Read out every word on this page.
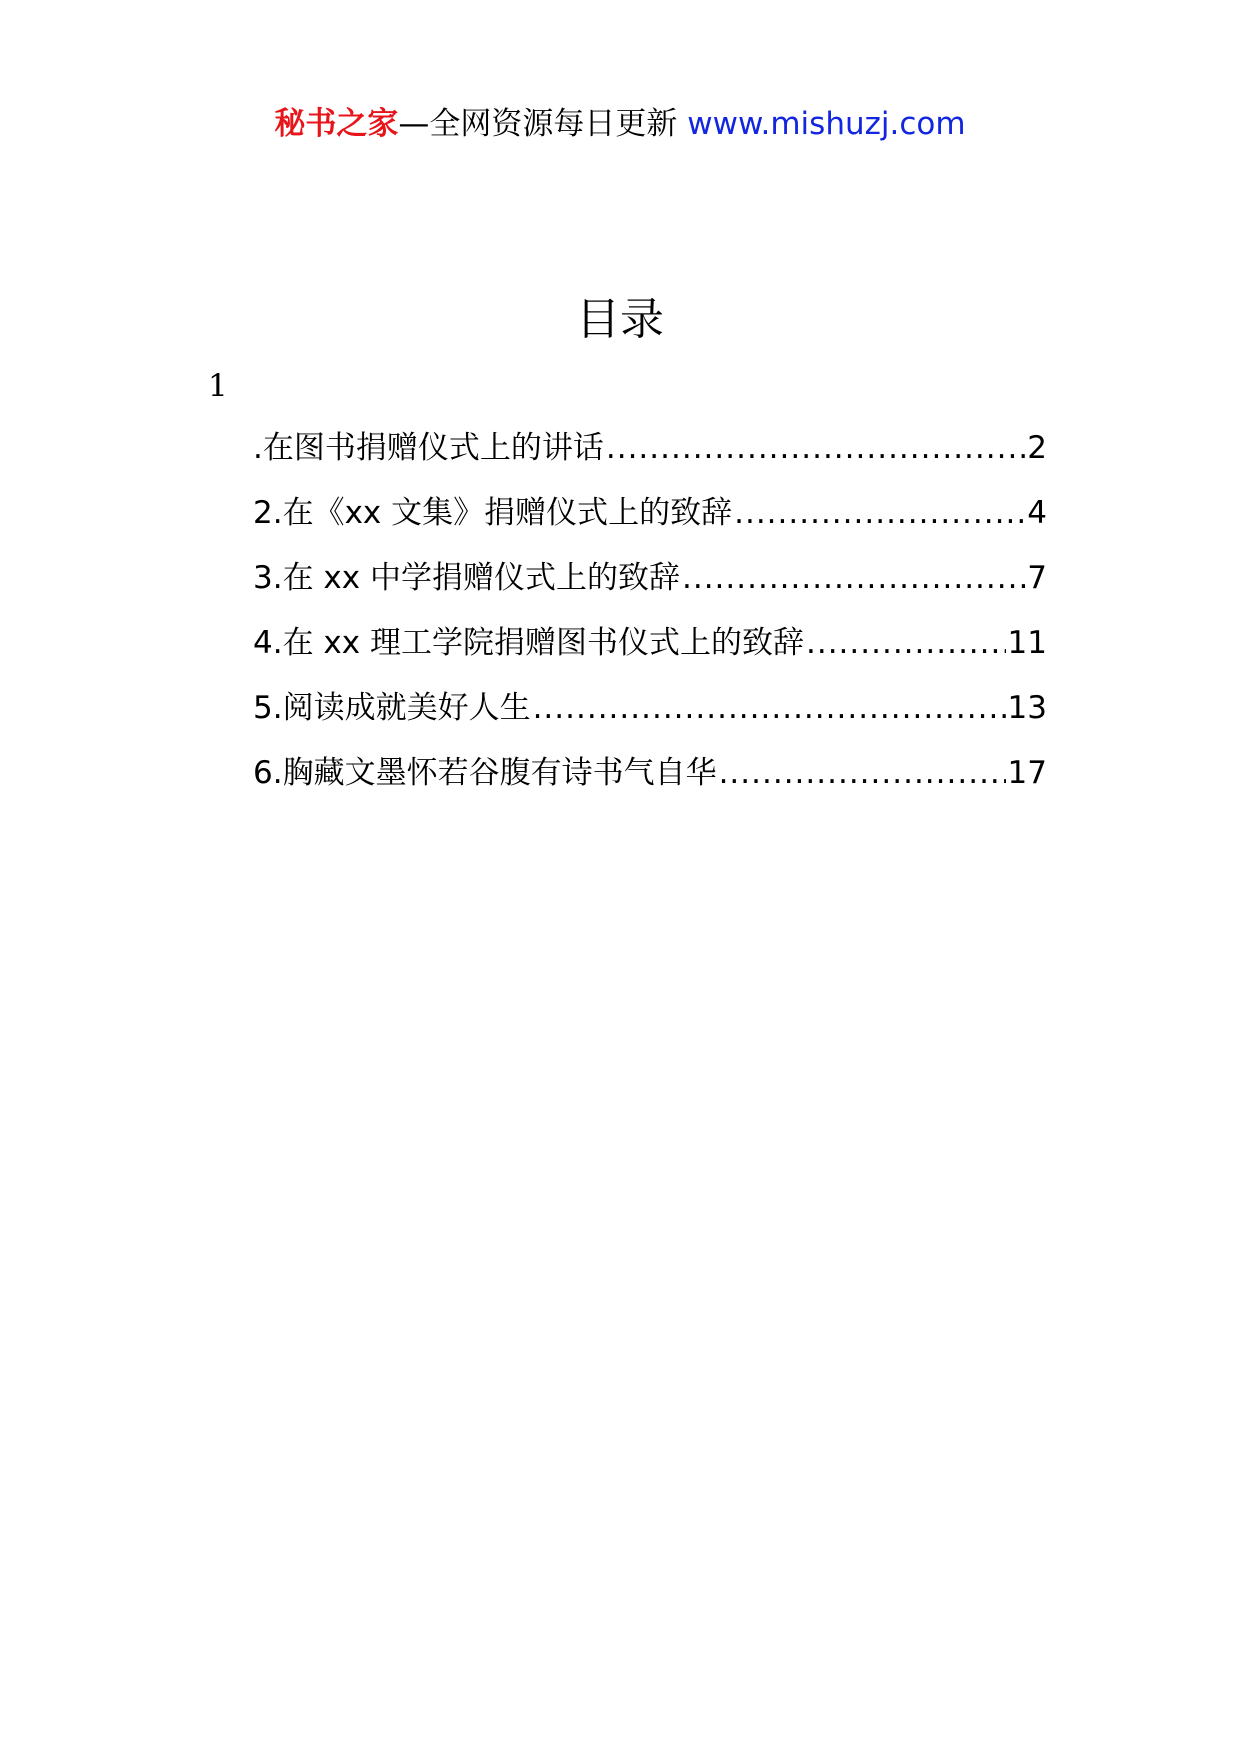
秘书之家—全网资源每日更新 www.mishuzj.com
目录
1
.在图书捐赠仪式上的讲话 .....	2
2.在《xx 文集》捐赠仪式上的致辞 .....	4
3.在 xx 中学捐赠仪式上的致辞 .....	7
4.在 xx 理工学院捐赠图书仪式上的致辞 .....	11
5.阅读成就美好人生 .....	13
6.胸藏文墨怀若谷腹有诗书气自华 .....	17
